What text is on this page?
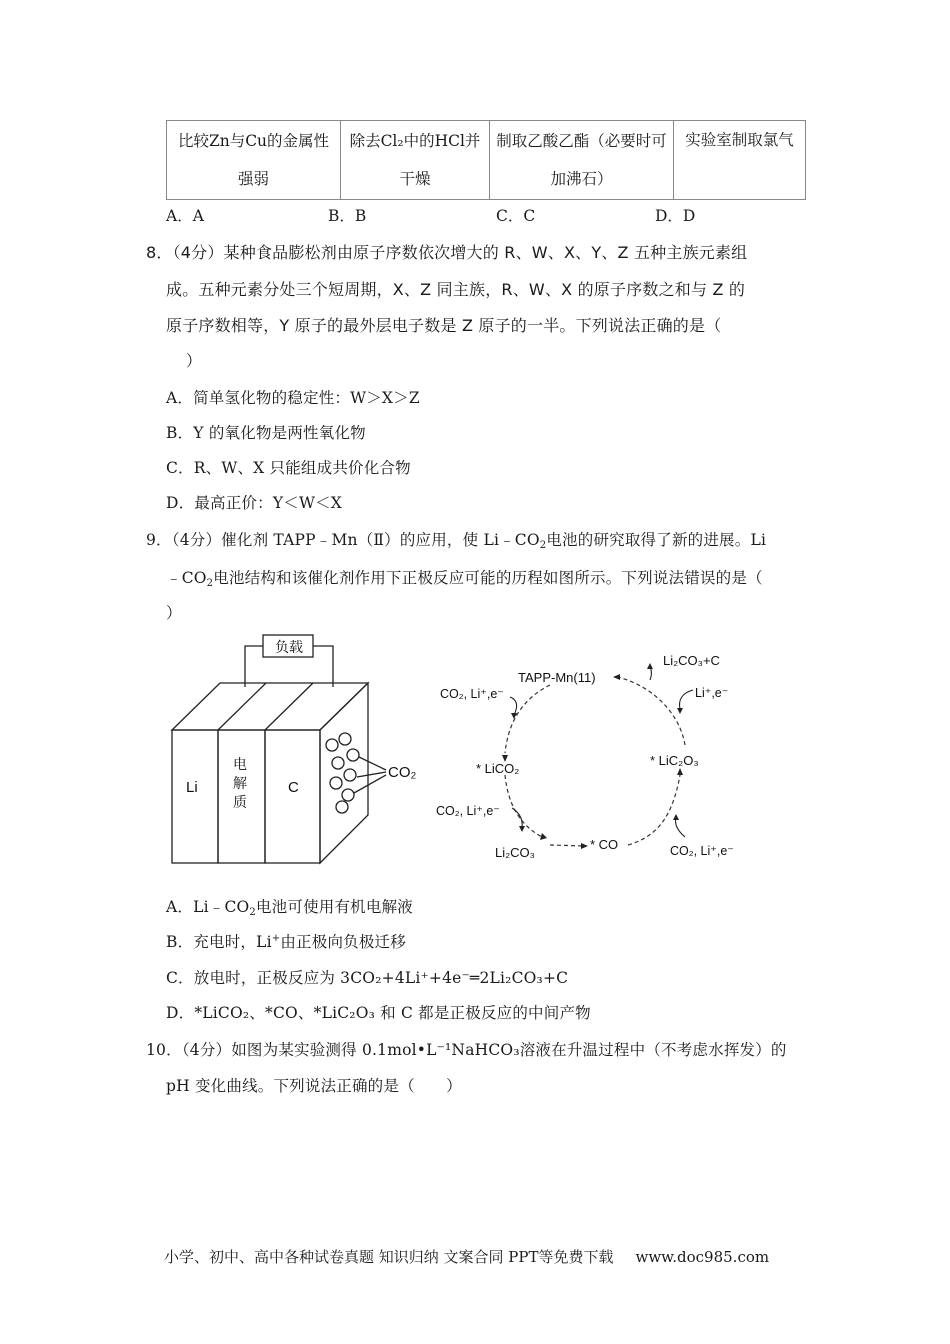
比较Zn与Cu的金属性强弱	除去Cl₂中的HCl并干燥	制取乙酸乙酯（必要时可加沸石）	实验室制取氯气
A．A	B．B	C．C	D．D
8．（4分）某种食品膨松剂由原子序数依次增大的 R、W、X、Y、Z 五种主族元素组
成。五种元素分处三个短周期，X、Z 同主族，R、W、X 的原子序数之和与 Z 的
原子序数相等，Y 原子的最外层电子数是 Z 原子的一半。下列说法正确的是（
）
A．简单氢化物的稳定性：W＞X＞Z
B．Y 的氧化物是两性氧化物
C．R、W、X 只能组成共价化合物
D．最高正价：Y＜W＜X
9．（4分）催化剂 TAPP﹣Mn（Ⅱ）的应用，使 $Li﹣CO_2$电池的研究取得了新的进展。Li
$﹣CO_2$电池结构和该催化剂作用下正极反应可能的历程如图所示。下列说法错误的是（
）
负载
Li
电
解
质
C
CO₂
TAPP-Mn(11)
Li₂CO₃+C
CO₂, Li⁺,e⁻	Li⁺,e⁻
* LiCO₂
* LiC₂O₃
CO₂, Li⁺,e⁻
Li₂CO₃
* CO	CO₂, Li⁺,e⁻
A．$Li﹣CO_2$电池可使用有机电解液
B．充电时，Li+由正极向负极迁移
C．放电时，正极反应为 3CO₂+4Li⁺+4e⁻═2Li₂CO₃+C
D．*LiCO₂、*CO、*LiC₂O₃ 和 C 都是正极反应的中间产物
10．（4分）如图为某实验测得 0.1mol•L⁻¹NaHCO₃溶液在升温过程中（不考虑水挥发）的
pH 变化曲线。下列说法正确的是（　　）
小学、初中、高中各种试卷真题 知识归纳 文案合同 PPT等免费下载 www.doc985.com
